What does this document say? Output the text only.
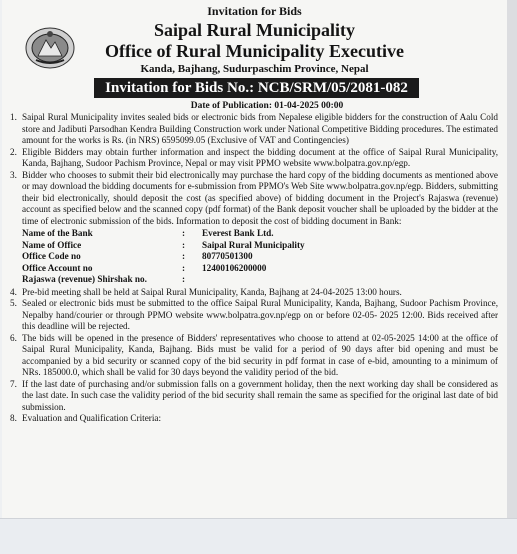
Invitation for Bids
Saipal Rural Municipality
Office of Rural Municipality Executive
Kanda, Bajhang, Sudurpaschim Province, Nepal
Invitation for Bids No.: NCB/SRM/05/2081-082
Date of Publication: 01-04-2025 00:00
1. Saipal Rural Municipality invites sealed bids or electronic bids from Nepalese eligible bidders for the construction of Aalu Cold store and Jadibuti Parsodhan Kendra Building Construction work under National Competitive Bidding procedures. The estimated amount for the works is Rs. (in NRS) 6595099.05 (Exclusive of VAT and Contingencies)
2. Eligible Bidders may obtain further information and inspect the bidding document at the office of Saipal Rural Municipality, Kanda, Bajhang, Sudoor Pachism Province, Nepal or may visit PPMO website www.bolpatra.gov.np/egp.
3. Bidder who chooses to submit their bid electronically may purchase the hard copy of the bidding documents as mentioned above or may download the bidding documents for e-submission from PPMO's Web Site www.bolpatra.gov.np/egp. Bidders, submitting their bid electronically, should deposit the cost (as specified above) of bidding document in the Project's Rajaswa (revenue) account as specified below and the scanned copy (pdf format) of the Bank deposit voucher shall be uploaded by the bidder at the time of electronic submission of the bids. Information to deposit the cost of bidding document in Bank:
Name of the Bank	:	Everest Bank Ltd.
Name of Office	:	Saipal Rural Municipality
Office Code no	:	80770501300
Office Account no	:	12400106200000
Rajaswa (revenue) Shirshak no.	:
4. Pre-bid meeting shall be held at Saipal Rural Municipality, Kanda, Bajhang at 24-04-2025 13:00 hours.
5. Sealed or electronic bids must be submitted to the office Saipal Rural Municipality, Kanda, Bajhang, Sudoor Pachism Province, Nepalby hand/courier or through PPMO website www.bolpatra.gov.np/egp on or before 02-05- 2025 12:00. Bids received after this deadline will be rejected.
6. The bids will be opened in the presence of Bidders' representatives who choose to attend at 02-05-2025 14:00 at the office of Saipal Rural Municipality, Kanda, Bajhang. Bids must be valid for a period of 90 days after bid opening and must be accompanied by a bid security or scanned copy of the bid security in pdf format in case of e-bid, amounting to a minimum of NRs. 185000.0, which shall be valid for 30 days beyond the validity period of the bid.
7. If the last date of purchasing and/or submission falls on a government holiday, then the next working day shall be considered as the last date. In such case the validity period of the bid security shall remain the same as specified for the original last date of bid submission.
8. Evaluation and Qualification Criteria:
